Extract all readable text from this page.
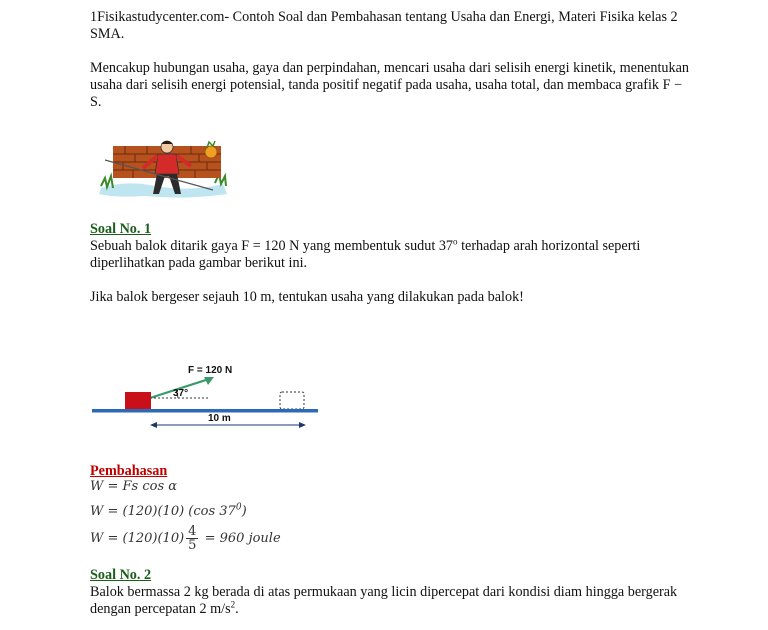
1Fisikastudycenter.com- Contoh Soal dan Pembahasan tentang Usaha dan Energi, Materi Fisika kelas 2 SMA.

Mencakup hubungan usaha, gaya dan perpindahan, mencari usaha dari selisih energi kinetik, menentukan usaha dari selisih energi potensial, tanda positif negatif pada usaha, usaha total, dan membaca grafik F − S.

Soal No. 1

Sebuah balok ditarik gaya F = 120 N yang membentuk sudut 37$^o$ terhadap arah horizontal seperti diperlihatkan pada gambar berikut ini.

Jika balok bergeser sejauh 10 m, tentukan usaha yang dilakukan pada balok!

F = 120 N
37°
10 m

Pembahasan

W = Fs cos α
W = (120)(10) (cos $37^0$)
$W = (120)(10) \frac{4}{5} = 960$ joule

Soal No. 2

Balok bermassa 2 kg berada di atas permukaan yang licin dipercepat dari kondisi diam hingga bergerak dengan percepatan 2 $m/s^2$.
